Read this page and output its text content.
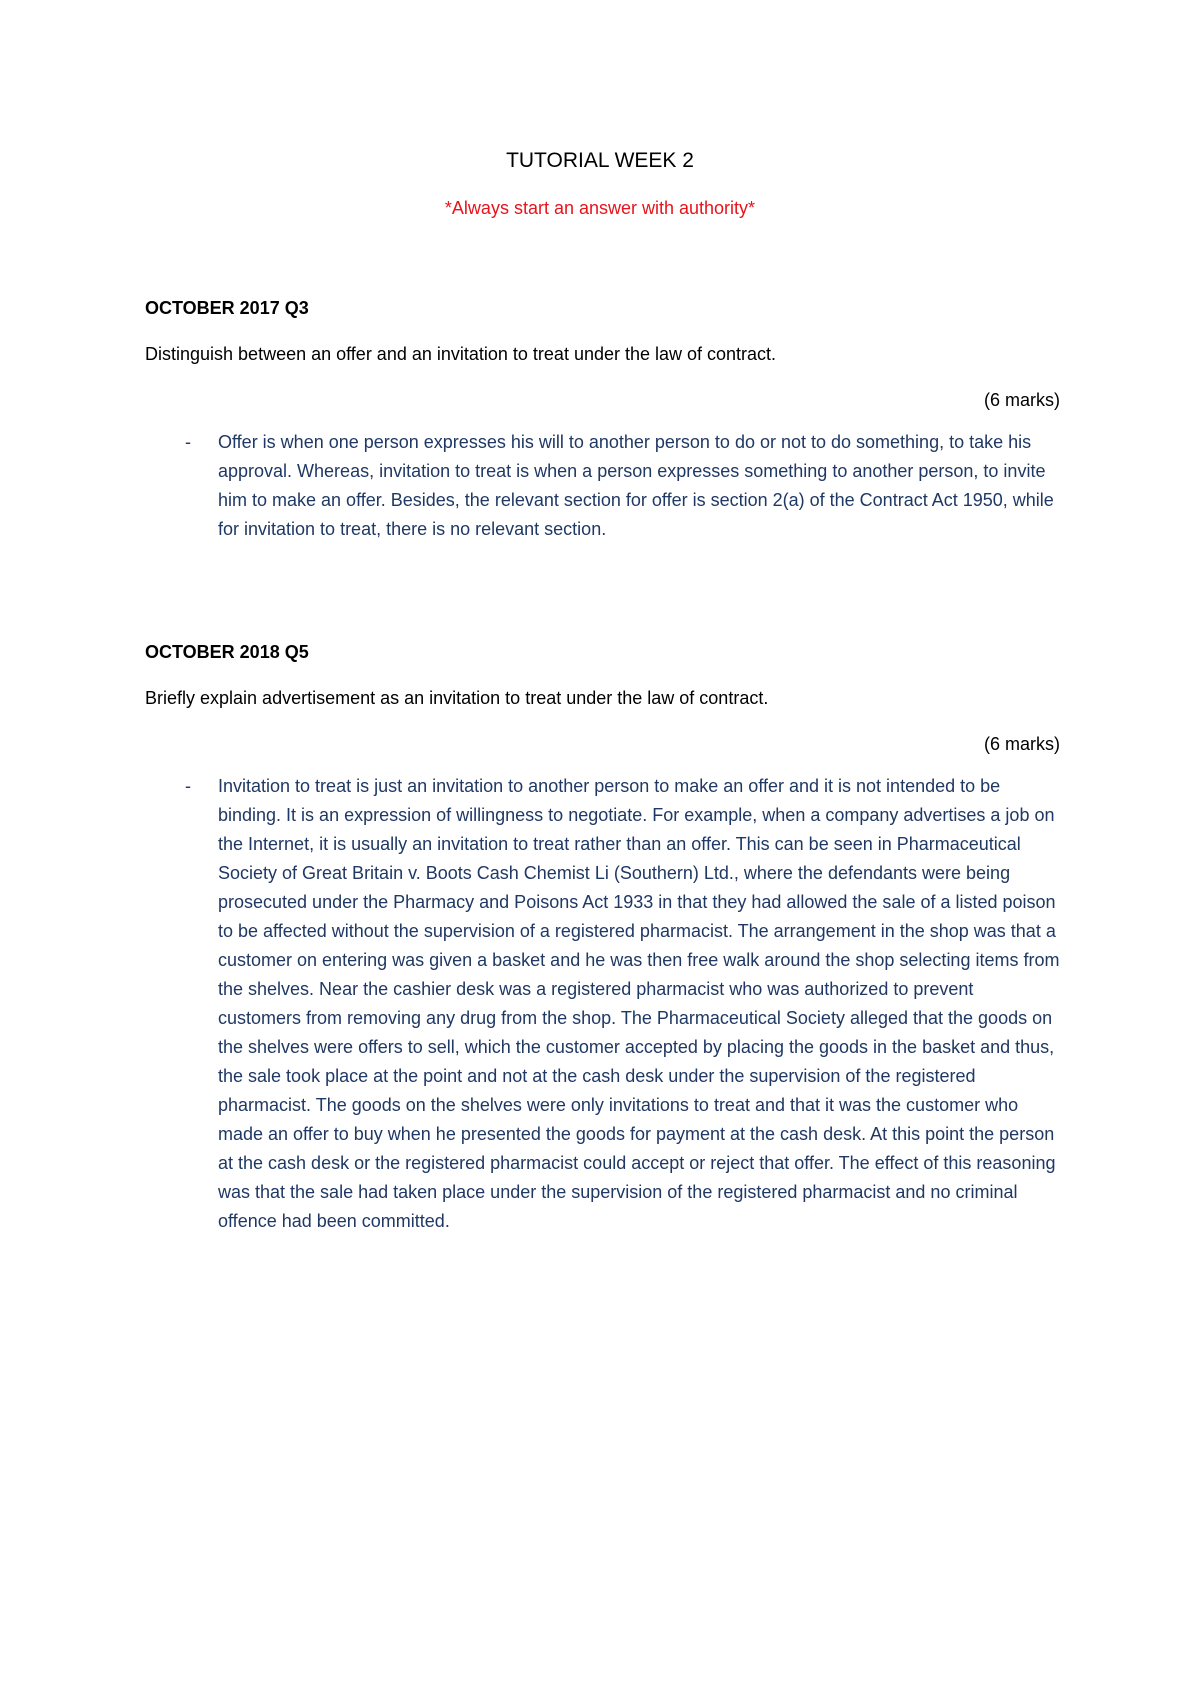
TUTORIAL WEEK 2
*Always start an answer with authority*

OCTOBER 2017 Q3

Distinguish between an offer and an invitation to treat under the law of contract.

(6 marks)

- Offer is when one person expresses his will to another person to do or not to do something, to take his approval. Whereas, invitation to treat is when a person expresses something to another person, to invite him to make an offer. Besides, the relevant section for offer is section 2(a) of the Contract Act 1950, while for invitation to treat, there is no relevant section.

OCTOBER 2018 Q5

Briefly explain advertisement as an invitation to treat under the law of contract.

(6 marks)

- Invitation to treat is just an invitation to another person to make an offer and it is not intended to be binding. It is an expression of willingness to negotiate. For example, when a company advertises a job on the Internet, it is usually an invitation to treat rather than an offer. This can be seen in Pharmaceutical Society of Great Britain v. Boots Cash Chemist Li (Southern) Ltd., where the defendants were being prosecuted under the Pharmacy and Poisons Act 1933 in that they had allowed the sale of a listed poison to be affected without the supervision of a registered pharmacist. The arrangement in the shop was that a customer on entering was given a basket and he was then free walk around the shop selecting items from the shelves. Near the cashier desk was a registered pharmacist who was authorized to prevent customers from removing any drug from the shop. The Pharmaceutical Society alleged that the goods on the shelves were offers to sell, which the customer accepted by placing the goods in the basket and thus, the sale took place at the point and not at the cash desk under the supervision of the registered pharmacist. The goods on the shelves were only invitations to treat and that it was the customer who made an offer to buy when he presented the goods for payment at the cash desk. At this point the person at the cash desk or the registered pharmacist could accept or reject that offer. The effect of this reasoning was that the sale had taken place under the supervision of the registered pharmacist and no criminal offence had been committed.
